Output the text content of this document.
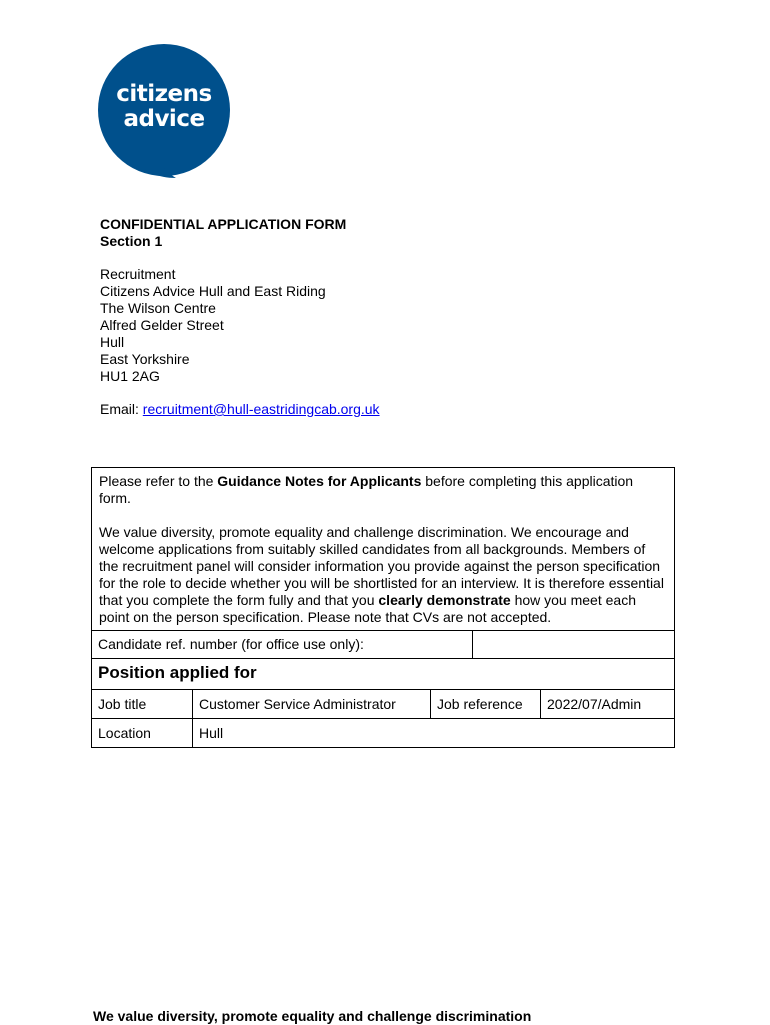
citizens
advice
CONFIDENTIAL APPLICATION FORM
Section 1
Recruitment
Citizens Advice Hull and East Riding
The Wilson Centre
Alfred Gelder Street
Hull
East Yorkshire
HU1 2AG
Email: recruitment@hull-eastridingcab.org.uk

Please refer to the Guidance Notes for Applicants before completing this application form.

We value diversity, promote equality and challenge discrimination. We encourage and welcome applications from suitably skilled candidates from all backgrounds. Members of the recruitment panel will consider information you provide against the person specification for the role to decide whether you will be shortlisted for an interview. It is therefore essential that you complete the form fully and that you clearly demonstrate how you meet each point on the person specification. Please note that CVs are not accepted.

Candidate ref. number (for office use only):
Position applied for
Job title	Customer Service Administrator	Job reference	2022/07/Admin
Location	Hull
We value diversity, promote equality and challenge discrimination
